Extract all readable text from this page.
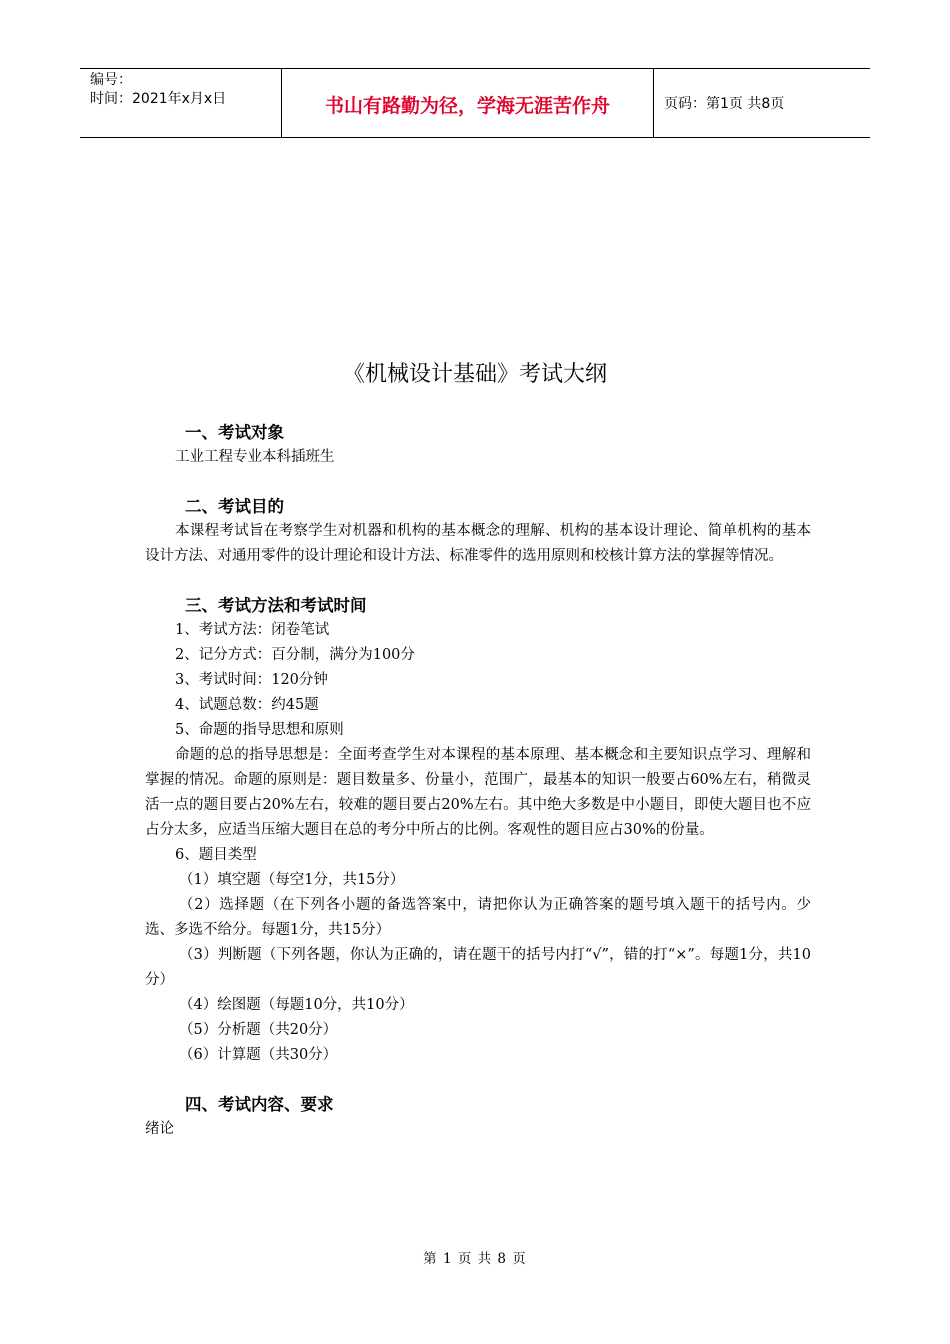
编号：
时间：2021年x月x日	书山有路勤为径，学海无涯苦作舟	页码：第1页 共8页
《机械设计基础》考试大纲
一、考试对象
工业工程专业本科插班生
二、考试目的

本课程考试旨在考察学生对机器和机构的基本概念的理解、机构的基本设计理论、简单机构的基本设计方法、对通用零件的设计理论和设计方法、标准零件的选用原则和校核计算方法的掌握等情况。

三、考试方法和考试时间
1、考试方法：闭卷笔试
2、记分方式：百分制，满分为100分
3、考试时间：120分钟
4、试题总数：约45题
5、命题的指导思想和原则

命题的总的指导思想是：全面考查学生对本课程的基本原理、基本概念和主要知识点学习、理解和掌握的情况。命题的原则是：题目数量多、份量小，范围广，最基本的知识一般要占60%左右，稍微灵活一点的题目要占20%左右，较难的题目要占20%左右。其中绝大多数是中小题目，即使大题目也不应占分太多，应适当压缩大题目在总的考分中所占的比例。客观性的题目应占30%的份量。

6、题目类型
（1）填空题（每空1分，共15分）

（2）选择题（在下列各小题的备选答案中，请把你认为正确答案的题号填入题干的括号内。少选、多选不给分。每题1分，共15分）

（3）判断题（下列各题，你认为正确的，请在题干的括号内打“√”，错的打“×”。每题1分，共10分）

（4）绘图题（每题10分，共10分）
（5）分析题（共20分）
（6）计算题（共30分）
四、考试内容、要求
绪论
第 1 页 共 8 页
